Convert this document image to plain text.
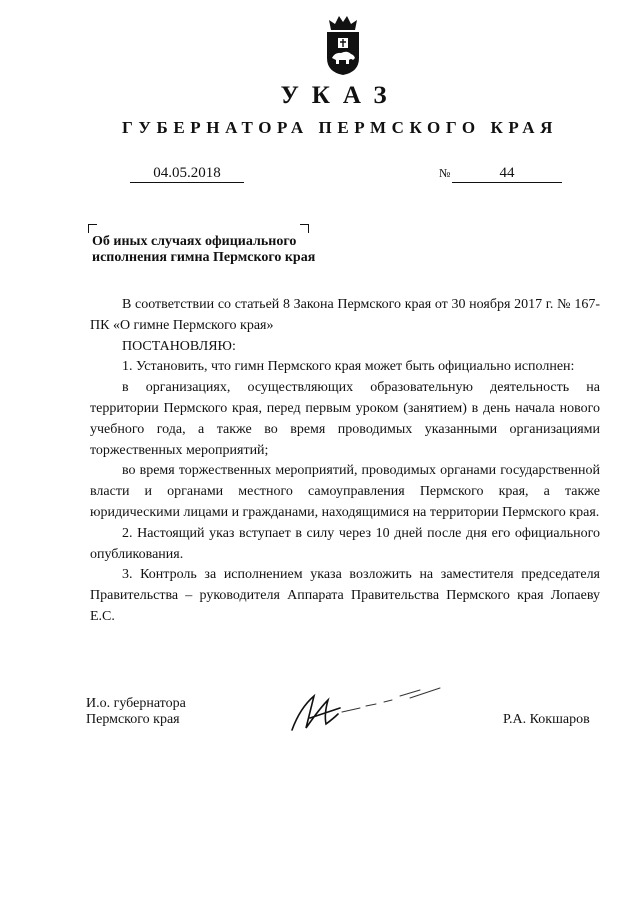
УКАЗ
ГУБЕРНАТОРА ПЕРМСКОГО КРАЯ
04.05.2018	№	44
Об иных случаях официального
исполнения гимна Пермского края

В соответствии со статьей 8 Закона Пермского края от 30 ноября 2017 г. № 167-ПК «О гимне Пермского края»

ПОСТАНОВЛЯЮ:

1. Установить, что гимн Пермского края может быть официально исполнен:

в организациях, осуществляющих образовательную деятельность на территории Пермского края, перед первым уроком (занятием) в день начала нового учебного года, а также во время проводимых указанными организациями торжественных мероприятий;

во время торжественных мероприятий, проводимых органами государственной власти и органами местного самоуправления Пермского края, а также юридическими лицами и гражданами, находящимися на территории Пермского края.

2. Настоящий указ вступает в силу через 10 дней после дня его официального опубликования.

3. Контроль за исполнением указа возложить на заместителя председателя Правительства – руководителя Аппарата Правительства Пермского края Лопаеву Е.С.

И.о. губернатора
Пермского края	Р.А. Кокшаров
